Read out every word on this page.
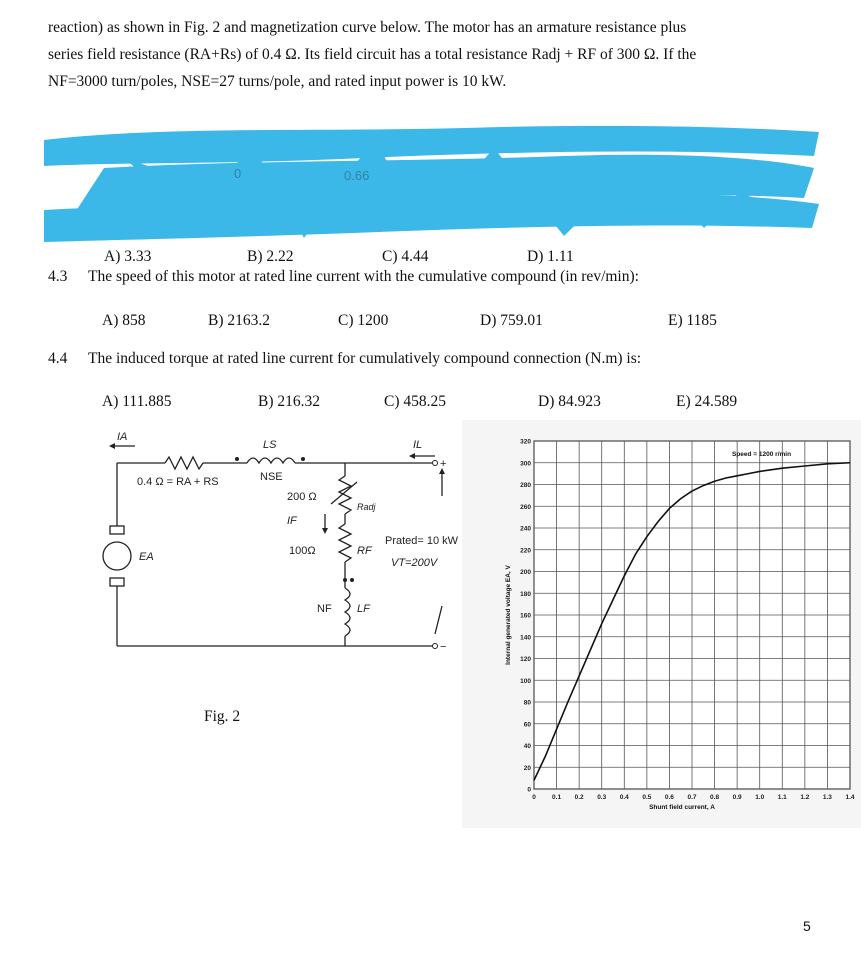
reaction) as shown in Fig. 2 and magnetization curve below. The motor has an armature resistance plus
series field resistance (RA+Rs) of 0.4 Ω. Its field circuit has a total resistance Radj + RF of 300 Ω. If the
NF=3000 turn/poles, NSE=27 turns/pole, and rated input power is 10 kW.
0	0.66
A) 3.33	B) 2.22	C) 4.44	D) 1.11
4.3 The speed of this motor at rated line current with the cumulative compound (in rev/min):
A) 858	B) 2163.2	C) 1200	D) 759.01	E) 1185
4.4 The induced torque at rated line current for cumulatively compound connection (N.m) is:
A) 111.885	B) 216.32	C) 458.25	D) 84.923	E) 24.589
IA
0.4 Ω = RA + RS
LS
NSE
IL
200 Ω
Radj
IF
100Ω	RF
NF LF
EA
Prated= 10 kW
VT=200V
+
−
Fig. 2
0 0.1 0.2 0.3 0.4 0.5 0.6 0.7 0.8 0.9 1.0 1.1 1.2 1.3 1.4
0
20
40
60
80
100
120
140
160
180
200
220
240
260
280
300
320
Speed = 1200 r/min
Shunt field current, A
Internal generated voltage EA, V
5
